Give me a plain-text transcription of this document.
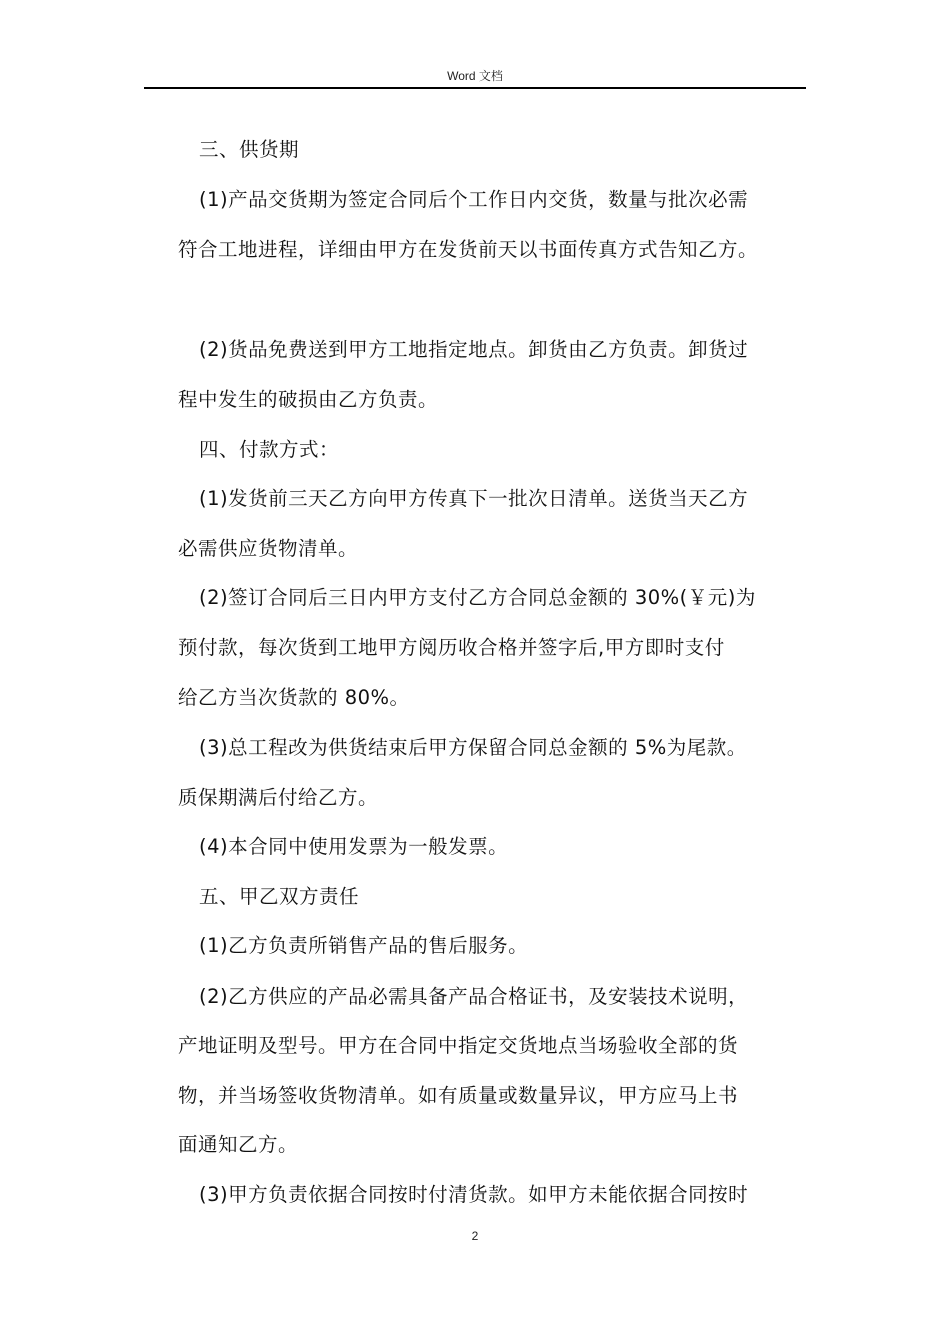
Word 文档
三、供货期
(1)产品交货期为签定合同后个工作日内交货，数量与批次必需
符合工地进程，详细由甲方在发货前天以书面传真方式告知乙方。
(2)货品免费送到甲方工地指定地点。卸货由乙方负责。卸货过
程中发生的破损由乙方负责。
四、付款方式：
(1)发货前三天乙方向甲方传真下一批次日清单。送货当天乙方
必需供应货物清单。
(2)签订合同后三日内甲方支付乙方合同总金额的 30%(￥元)为
预付款，每次货到工地甲方阅历收合格并签字后,甲方即时支付
给乙方当次货款的 80%。
(3)总工程改为供货结束后甲方保留合同总金额的 5%为尾款。
质保期满后付给乙方。
(4)本合同中使用发票为一般发票。
五、甲乙双方责任
(1)乙方负责所销售产品的售后服务。
(2)乙方供应的产品必需具备产品合格证书，及安装技术说明，
产地证明及型号。甲方在合同中指定交货地点当场验收全部的货
物，并当场签收货物清单。如有质量或数量异议，甲方应马上书
面通知乙方。
(3)甲方负责依据合同按时付清货款。如甲方未能依据合同按时
2
